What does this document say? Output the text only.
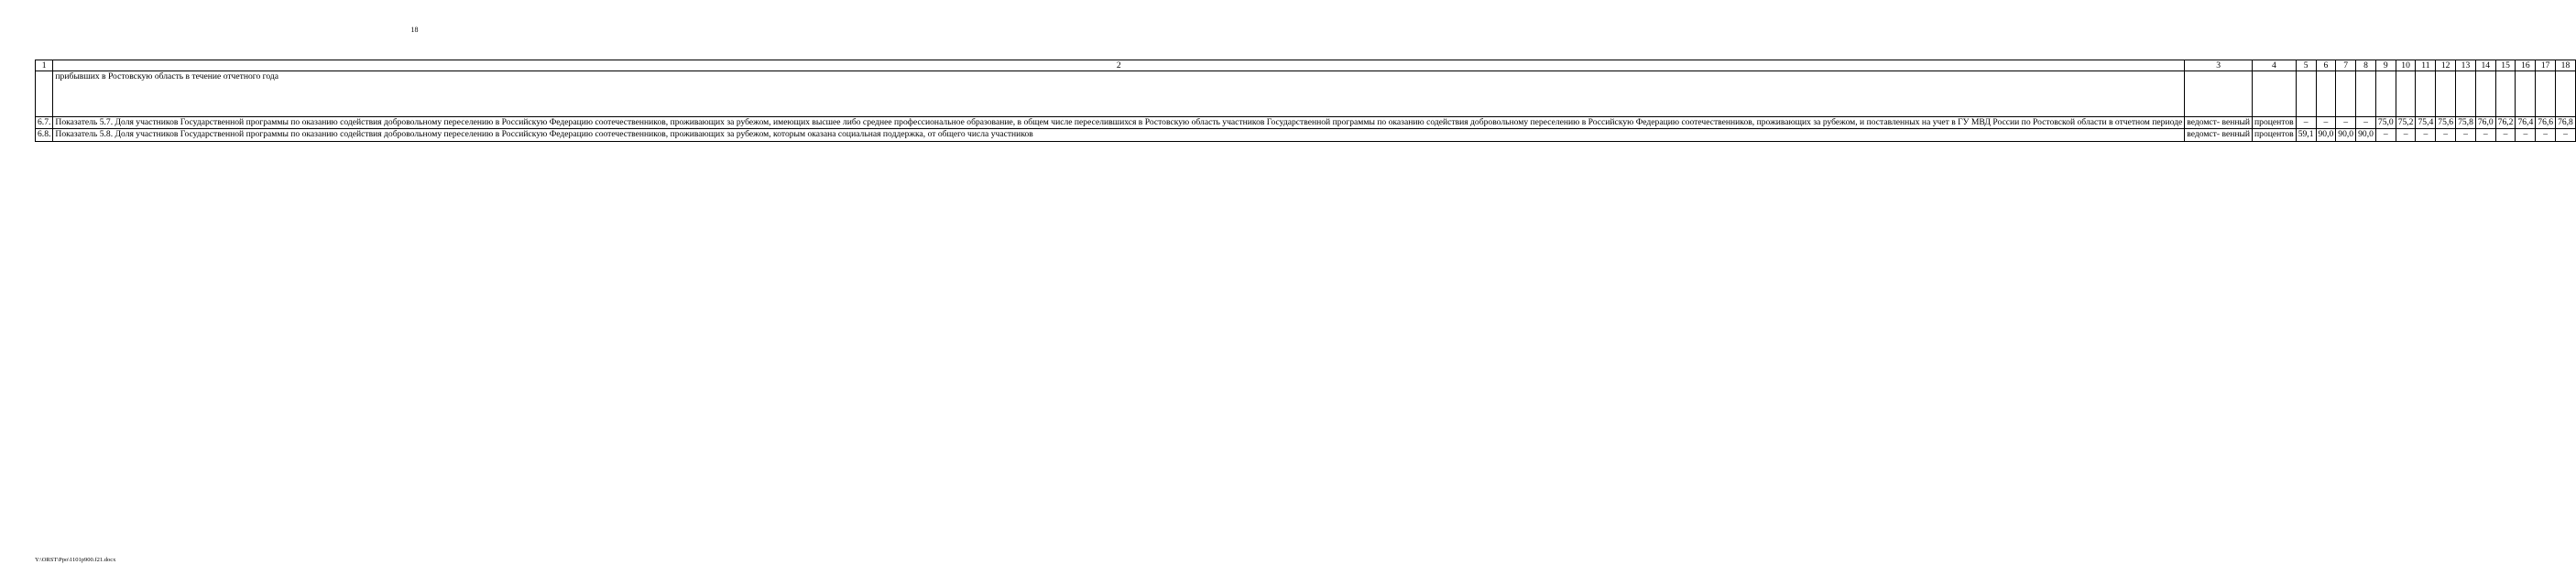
18
1	2	3	4	5	6	7	8	9	10	11	12	13	14	15	16	17	18
	прибывших в Ростовскую область в течение отчетного года																
6.7.	Показатель 5.7. Доля участников Государственной программы по оказанию содействия добровольному переселению в Российскую Федерацию соотечественников, проживающих за рубежом, имеющих высшее либо среднее профессиональное образование, в общем числе переселившихся в Ростовскую область участников Государственной программы по оказанию содействия добровольному переселению в Российскую Федерацию соотечественников, проживающих за рубежом, и поставленных на учет в ГУ МВД России по Ростовской области в отчетном периоде	ведомст- венный	процентов	–	–	–	–	75,0	75,2	75,4	75,6	75,8	76,0	76,2	76,4	76,6	76,8
6.8.	Показатель 5.8. Доля участников Государственной программы по оказанию содействия добровольному переселению в Российскую Федерацию соотечественников, проживающих за рубежом, которым оказана социальная поддержка, от общего числа участников	ведомст- венный	процентов	59,1	90,0	90,0	90,0	–	–	–	–	–	–	–	–	–	–
Y:\ORST\Ppo\1101p900.f21.docx
